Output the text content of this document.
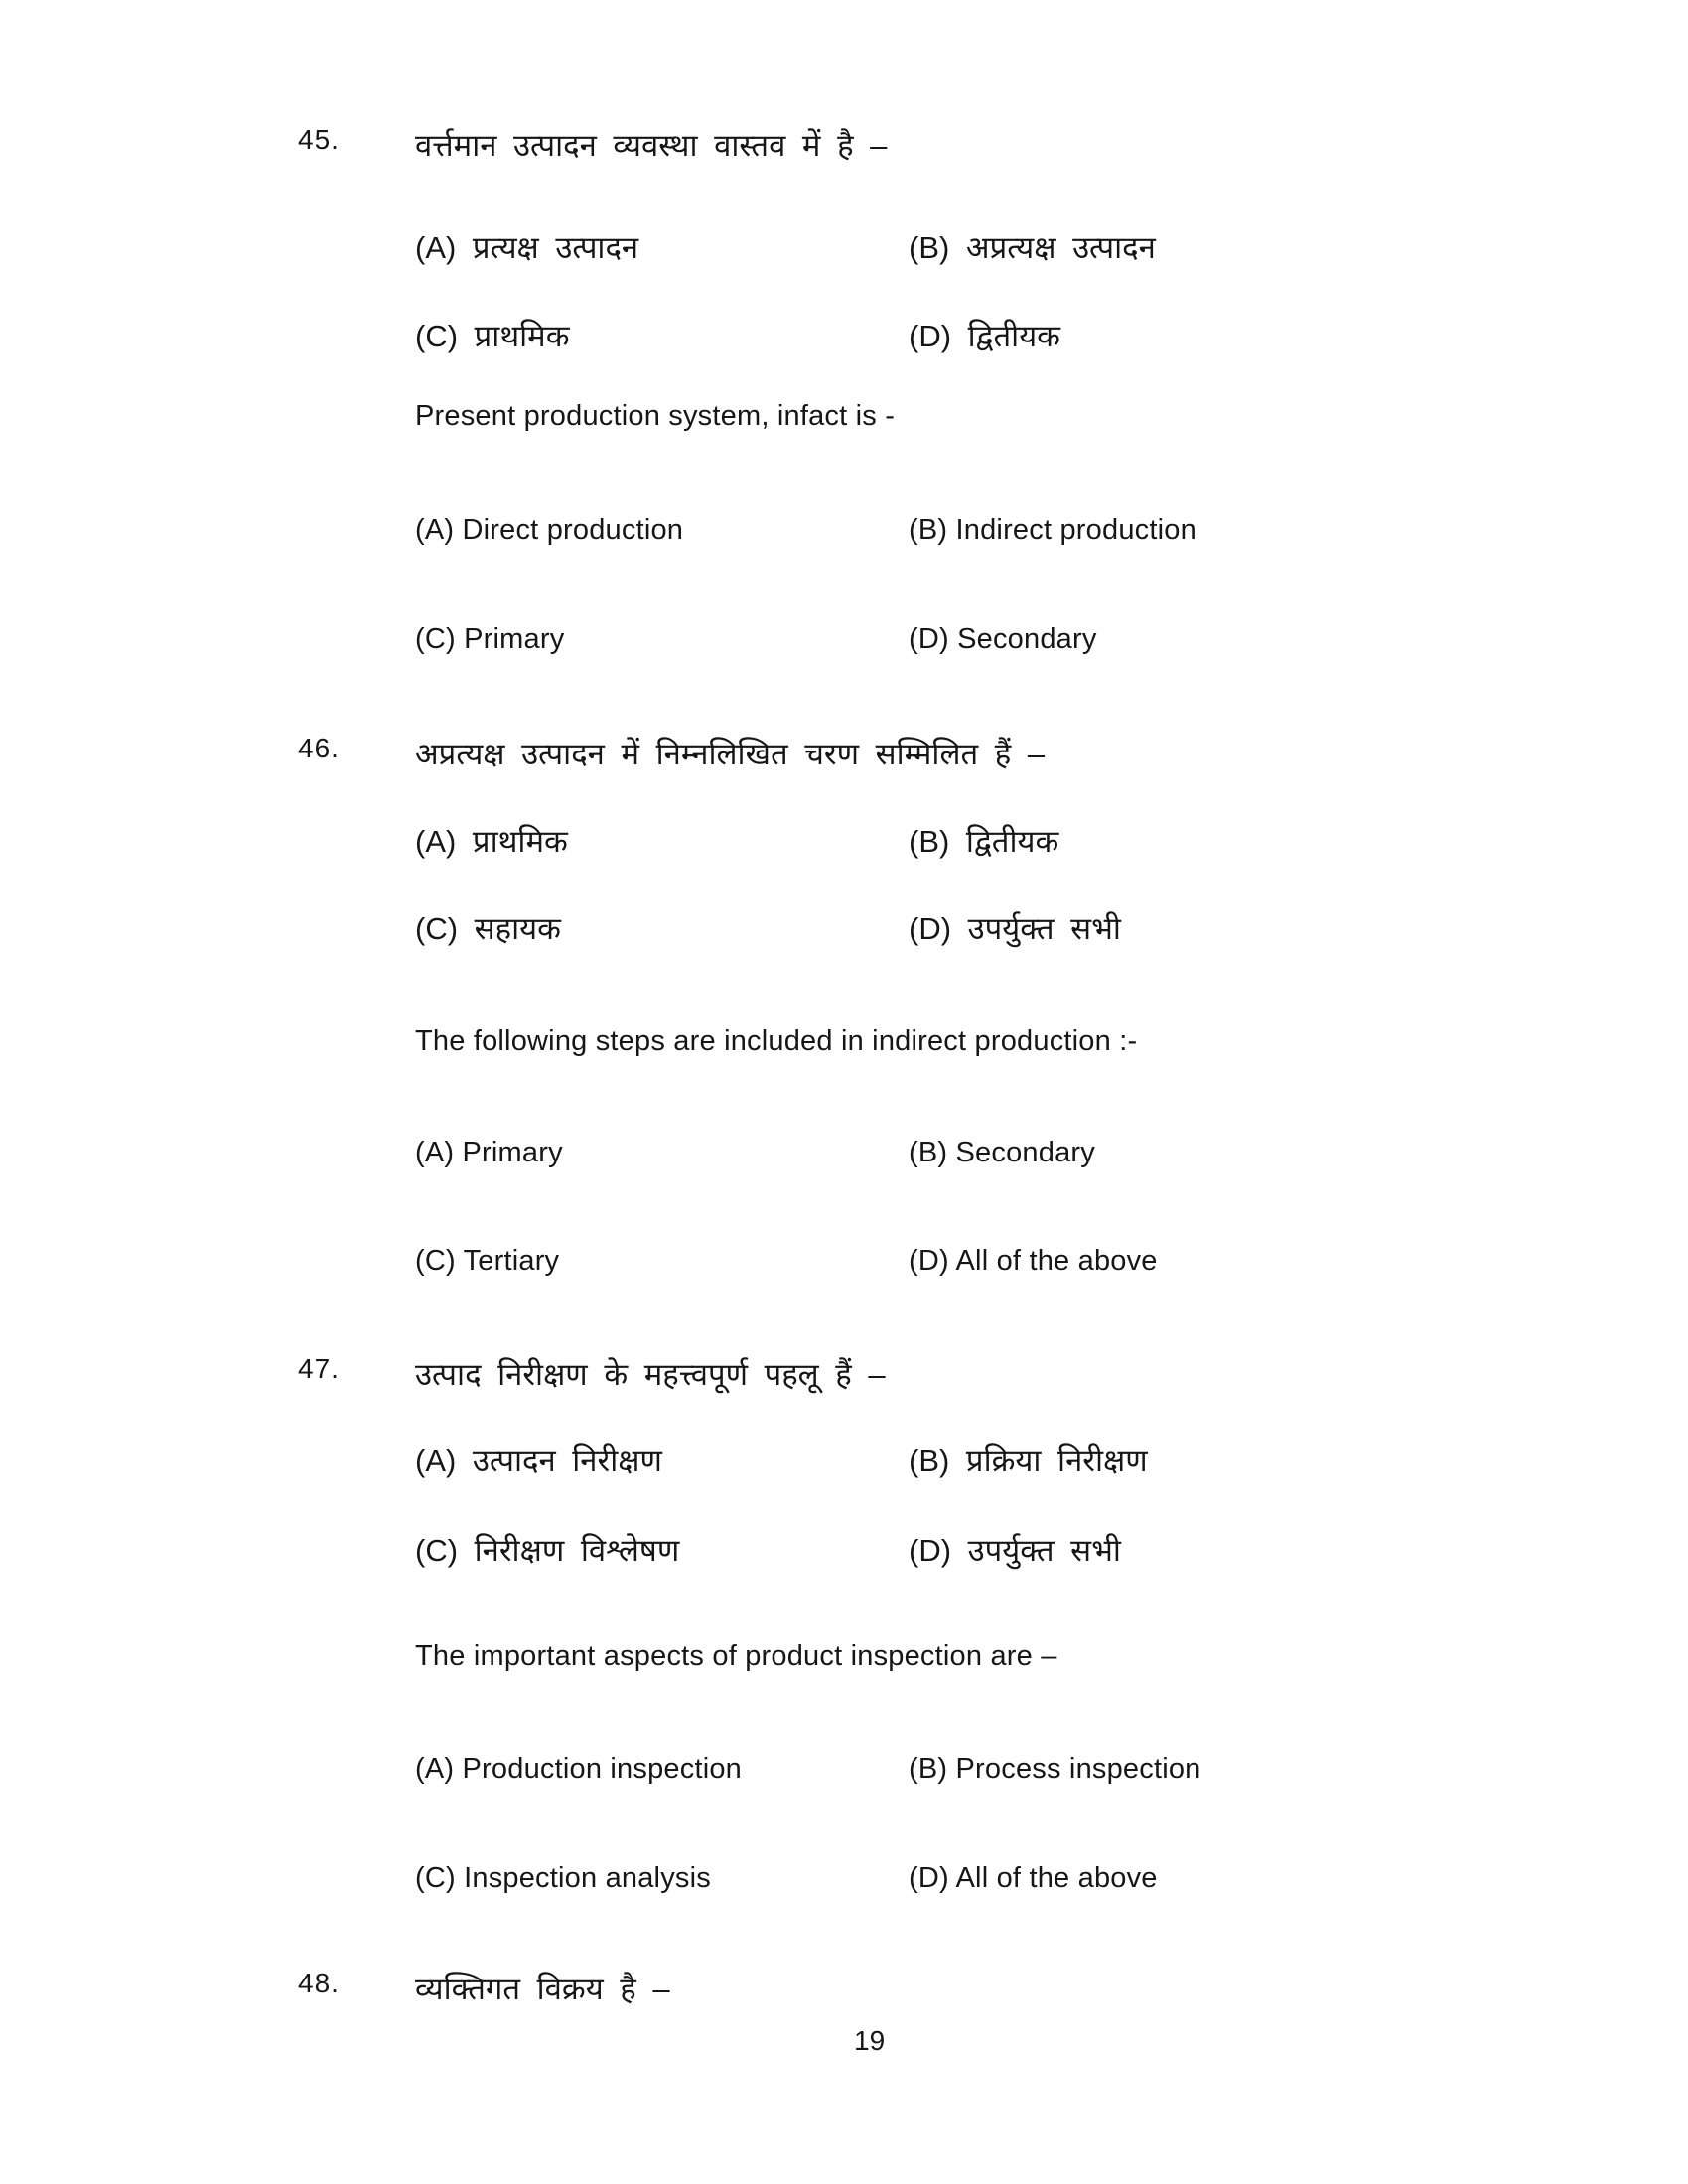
45. वर्त्तमान उत्पादन व्यवस्था वास्तव में है –
(A) प्रत्यक्ष उत्पादन	(B) अप्रत्यक्ष उत्पादन
(C) प्राथमिक	(D) द्वितीयक
Present production system, infact is -
(A) Direct production	(B) Indirect production
(C) Primary	(D) Secondary
46. अप्रत्यक्ष उत्पादन में निम्नलिखित चरण सम्मिलित हैं –
(A) प्राथमिक	(B) द्वितीयक
(C) सहायक	(D) उपर्युक्त सभी
The following steps are included in indirect production :-
(A) Primary	(B) Secondary
(C) Tertiary	(D) All of the above
47. उत्पाद निरीक्षण के महत्त्वपूर्ण पहलू हैं –
(A) उत्पादन निरीक्षण	(B) प्रक्रिया निरीक्षण
(C) निरीक्षण विश्लेषण	(D) उपर्युक्त सभी
The important aspects of product inspection are –
(A) Production inspection	(B) Process inspection
(C) Inspection analysis	(D) All of the above
48. व्यक्तिगत विक्रय है –
19
